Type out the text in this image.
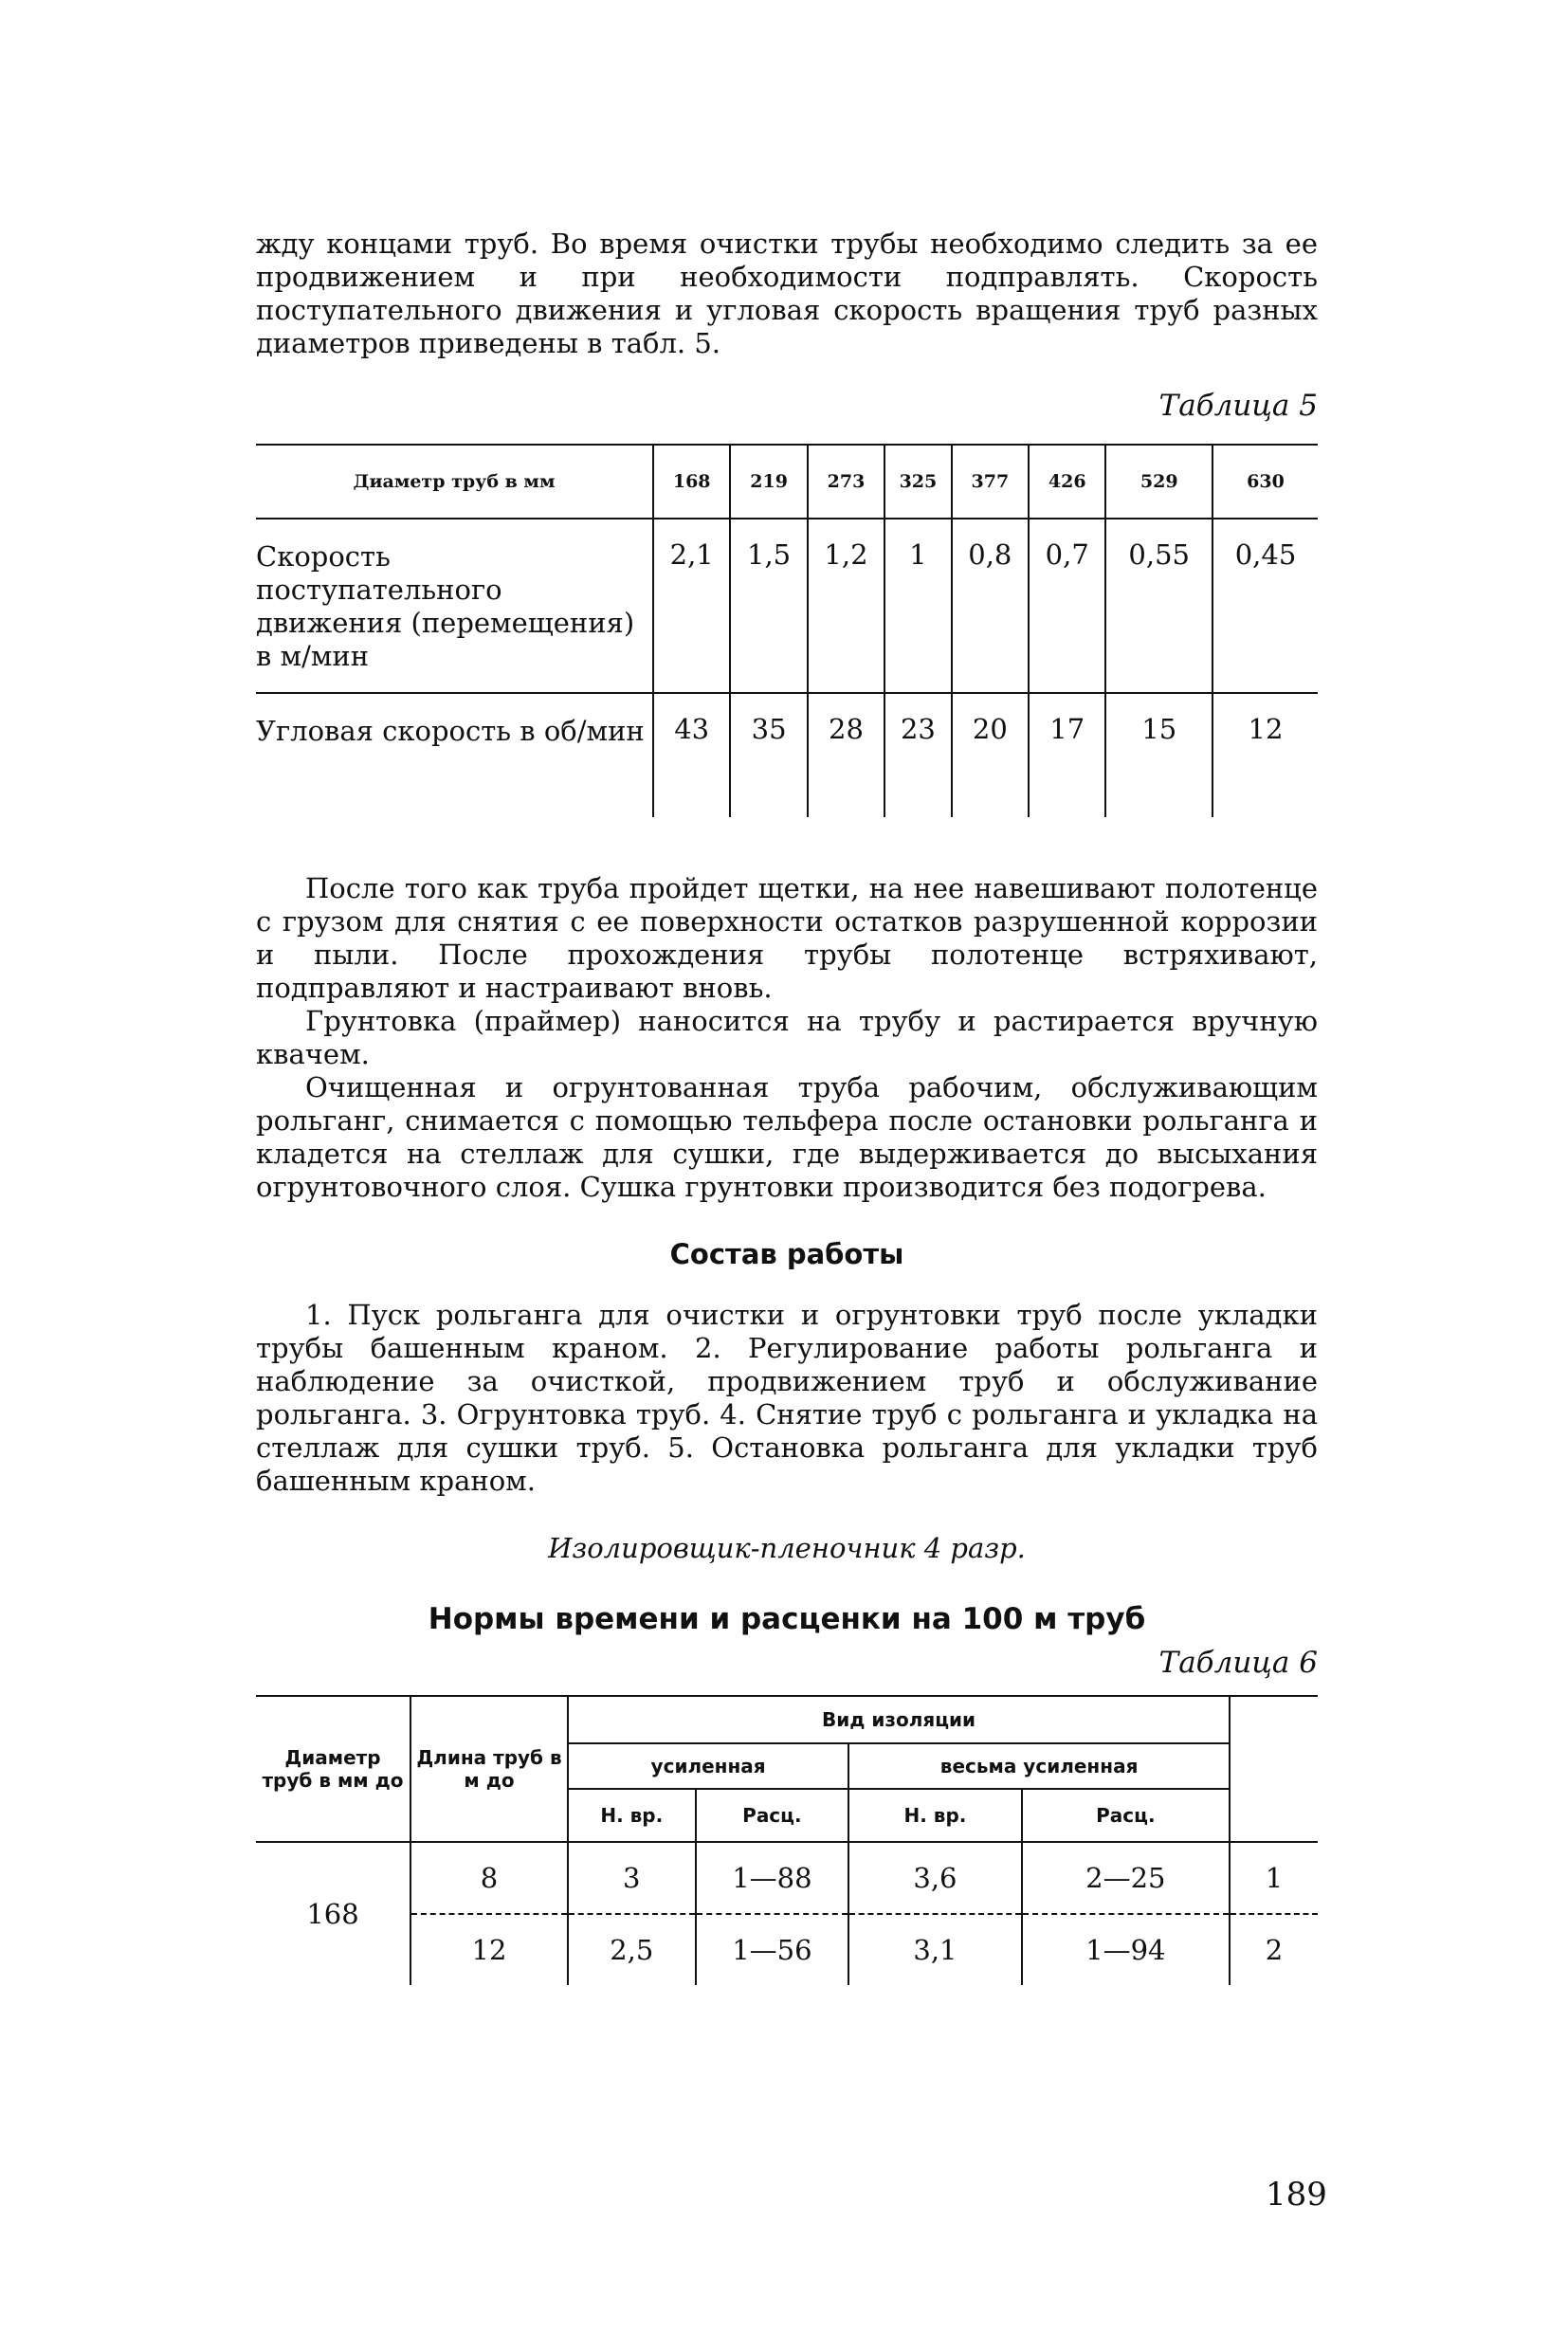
жду концами труб. Во время очистки трубы необходимо следить за ее продвижением и при необходимости подправлять. Скорость поступательного движения и угловая скорость вращения труб разных диаметров приведены в табл. 5.

Таблица 5
Диаметр труб в мм	168	219	273	325	377	426	529	630
Скорость поступательного движения (перемещения) в м/мин	2,1	1,5	1,2	1	0,8	0,7	0,55	0,45
Угловая скорость в об/мин	43	35	28	23	20	17	15	12

После того как труба пройдет щетки, на нее навешивают полотенце с грузом для снятия с ее поверхности остатков разрушенной коррозии и пыли. После прохождения трубы полотенце встряхивают, подправляют и настраивают вновь.

Грунтовка (праймер) наносится на трубу и растирается вручную квачем.

Очищенная и огрунтованная труба рабочим, обслуживающим рольганг, снимается с помощью тельфера после остановки рольганга и кладется на стеллаж для сушки, где выдерживается до высыхания огрунтовочного слоя. Сушка грунтовки производится без подогрева.

Состав работы

1. Пуск рольганга для очистки и огрунтовки труб после укладки трубы башенным краном. 2. Регулирование работы рольганга и наблюдение за очисткой, продвижением труб и обслуживание рольганга. 3. Огрунтовка труб. 4. Снятие труб с рольганга и укладка на стеллаж для сушки труб. 5. Остановка рольганга для укладки труб башенным краном.

Изолировщик-пленочник 4 разр.
Нормы времени и расценки на 100 м труб
Таблица 6
Диаметр труб в мм до	Длина труб в м до	Вид изоляции				
		усиленная		весьма усиленная		
		Н. вр.	Расц.	Н. вр.	Расц.	
168	8	3	1—88	3,6	2—25	1
	12	2,5	1—56	3,1	1—94	2
189
